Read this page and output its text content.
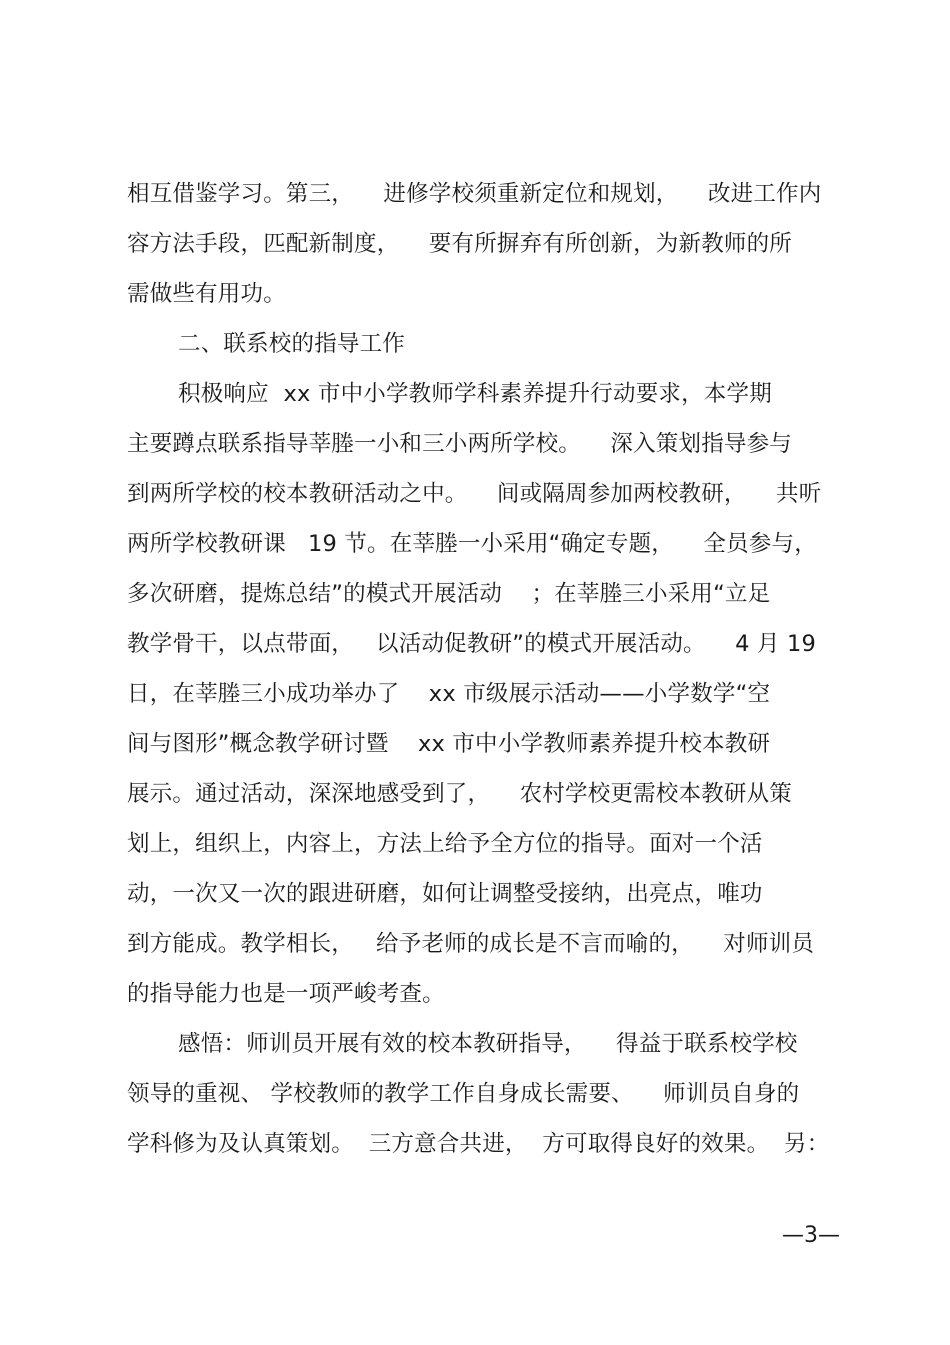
相互借鉴学习。第三，    进修学校须重新定位和规划，    改进工作内
容方法手段，匹配新制度，    要有所摒弃有所创新，为新教师的所
需做些有用功。
二、联系校的指导工作
积极响应  xx 市中小学教师学科素养提升行动要求，本学期
主要蹲点联系指导莘塍一小和三小两所学校。    深入策划指导参与
到两所学校的校本教研活动之中。    间或隔周参加两校教研，    共听
两所学校教研课   19 节。在莘塍一小采用“确定专题，    全员参与，
多次研磨，提炼总结”的模式开展活动    ；在莘塍三小采用“立足
教学骨干，以点带面，   以活动促教研”的模式开展活动。    4 月 19
日，在莘塍三小成功举办了    xx 市级展示活动——小学数学“空
间与图形”概念教学研讨暨    xx 市中小学教师素养提升校本教研
展示。通过活动，深深地感受到了，    农村学校更需校本教研从策
划上，组织上，内容上，方法上给予全方位的指导。面对一个活
动，一次又一次的跟进研磨，如何让调整受接纳，出亮点，唯功
到方能成。教学相长，   给予老师的成长是不言而喻的，    对师训员
的指导能力也是一项严峻考查。
感悟：师训员开展有效的校本教研指导，    得益于联系校学校
领导的重视、 学校教师的教学工作自身成长需要、    师训员自身的
学科修为及认真策划。  三方意合共进，  方可取得良好的效果。  另：
—3—
